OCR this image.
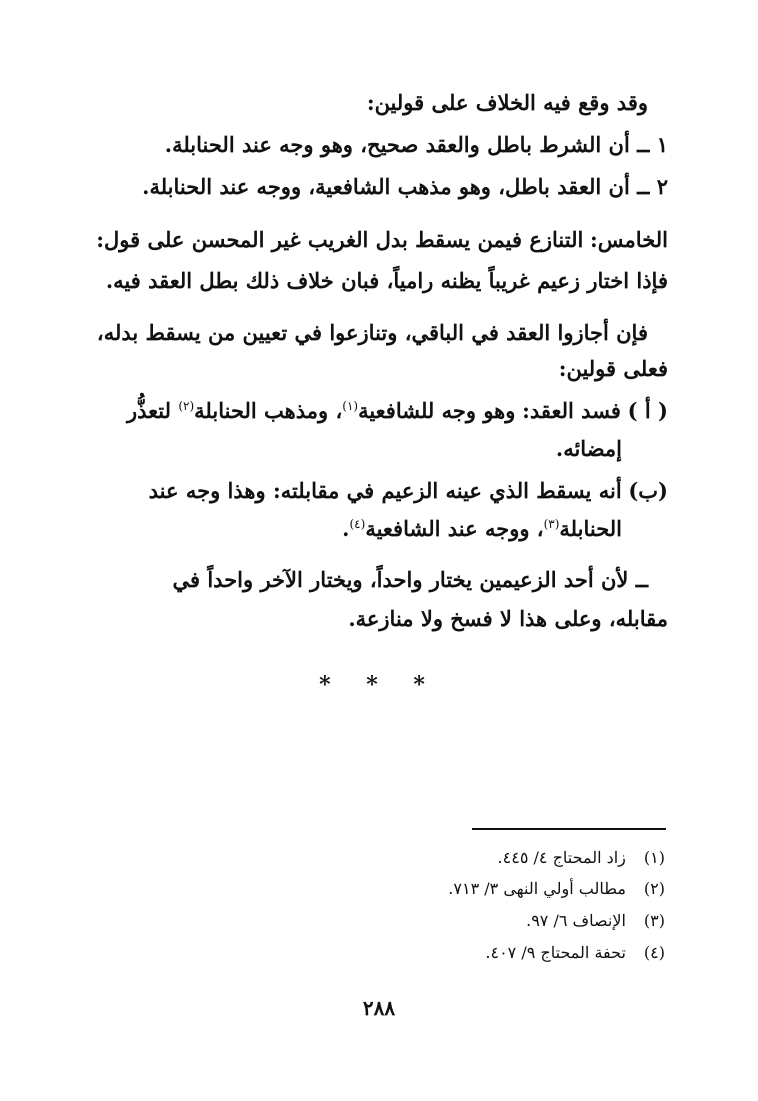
وقد وقع فيه الخلاف على قولين:
١ ــ أن الشرط باطل والعقد صحيح، وهو وجه عند الحنابلة.
٢ ــ أن العقد باطل، وهو مذهب الشافعية، ووجه عند الحنابلة.
الخامس: التنازع فيمن يسقط بدل الغريب غير المحسن على قول:
فإذا اختار زعيم غريباً يظنه رامياً، فبان خلاف ذلك بطل العقد فيه.
فإن أجازوا العقد في الباقي، وتنازعوا في تعيين من يسقط بدله،
فعلى قولين:
( أ ) فسد العقد: وهو وجه للشافعية$^{(١)}$، ومذهب الحنابلة$^{(٢)}$ لتعذُّر
إمضائه.
(ب) أنه يسقط الذي عينه الزعيم في مقابلته: وهذا وجه عند
الحنابلة$^{(٣)}$، ووجه عند الشافعية$^{(٤)}$.
ــ لأن أحد الزعيمين يختار واحداً، ويختار الآخر واحداً في
مقابله، وعلى هذا لا فسخ ولا منازعة.
* * *
(١) زاد المحتاج ٤/ ٤٤٥.
(٢) مطالب أولي النهى ٣/ ٧١٣.
(٣) الإنصاف ٦/ ٩٧.
(٤) تحفة المحتاج ٩/ ٤٠٧.
٢٨٨
